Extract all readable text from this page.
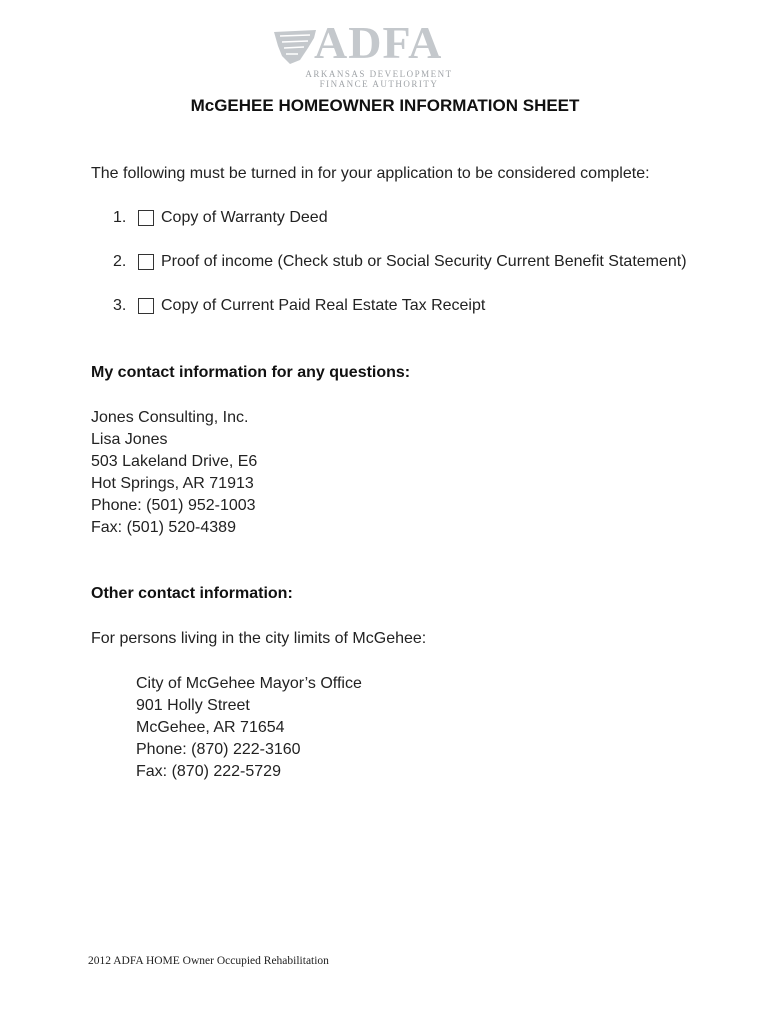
ADFA
ARKANSAS DEVELOPMENT
FINANCE AUTHORITY
McGEHEE HOMEOWNER INFORMATION SHEET
The following must be turned in for your application to be considered complete:
1. Copy of Warranty Deed
2. Proof of income (Check stub or Social Security Current Benefit Statement)
3. Copy of Current Paid Real Estate Tax Receipt
My contact information for any questions:
Jones Consulting, Inc.
Lisa Jones
503 Lakeland Drive, E6
Hot Springs, AR 71913
Phone: (501) 952-1003
Fax: (501) 520-4389
Other contact information:
For persons living in the city limits of McGehee:
City of McGehee Mayor’s Office
901 Holly Street
McGehee, AR 71654
Phone: (870) 222-3160
Fax: (870) 222-5729
2012 ADFA HOME Owner Occupied Rehabilitation
